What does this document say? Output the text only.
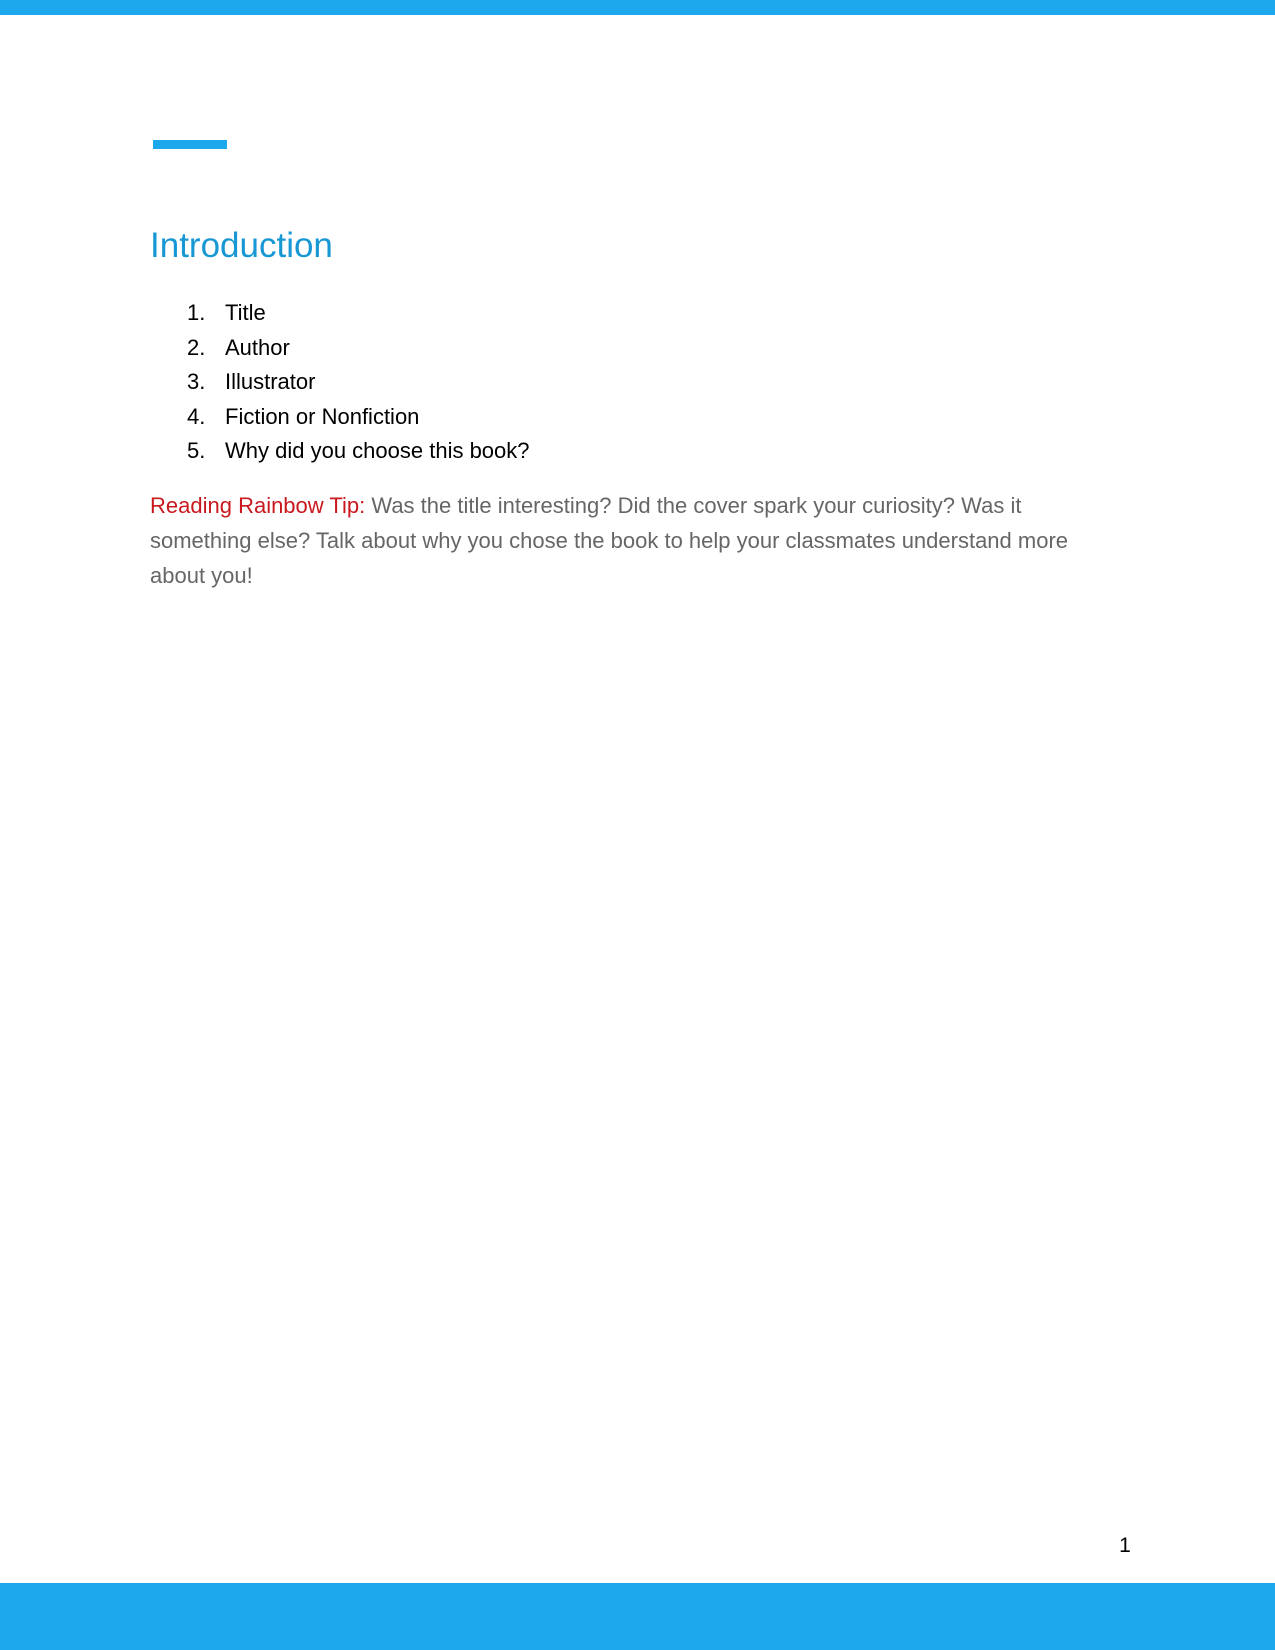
Introduction
1. Title
2. Author
3. Illustrator
4. Fiction or Nonfiction
5. Why did you choose this book?

Reading Rainbow Tip: Was the title interesting? Did the cover spark your curiosity? Was it something else? Talk about why you chose the book to help your classmates understand more about you!

1
